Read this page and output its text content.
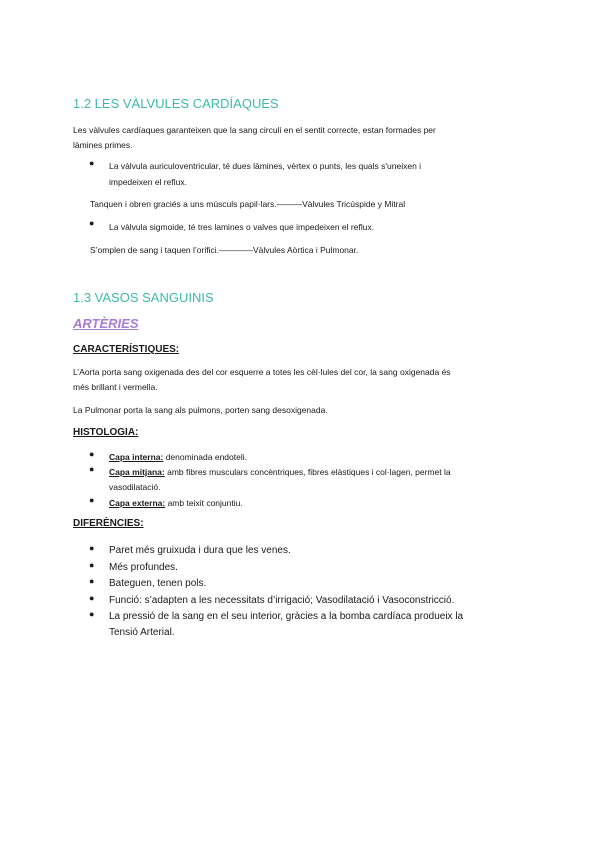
1.2 LES VÀLVULES CARDÍAQUES
Les vàlvules cardíaques garanteixen que la sang circuli en el sentit correcte, estan formades per
làmines primes.
● La vàlvula auriculoventricular, té dues làmines, vèrtex o punts, les quals s'uneixen i
impedeixen el reflux.
Tanquen i obren graciés a uns músculs papil·lars.———Vàlvules Tricúspide y Mitral
● La vàlvula sigmoide, té tres lamines o valves que impedeixen el reflux.
S’omplen de sang i taquen l’orifici.————Vàlvules Aòrtica i Pulmonar.
1.3 VASOS SANGUINIS
ARTÈRIES
CARACTERÍSTIQUES:
L’Aorta porta sang oxigenada des del cor esquerre a totes les cèl·lules del cor, la sang oxigenada és
més brillant i vermella.
La Pulmonar porta la sang als pulmons, porten sang desoxigenada.
HISTOLOGIA:
● Capa interna: denominada endoteli.
● Capa mitjana: amb fibres musculars concèntriques, fibres elàstiques i col·lagen, permet la
vasodilatació.
● Capa externa: amb teixit conjuntiu.
DIFERÈNCIES:
● Paret més gruixuda i dura que les venes.
● Més profundes.
● Bateguen, tenen pols.
● Funció: s’adapten a les necessitats d’irrigació; Vasodilatació i Vasoconstricció.
● La pressió de la sang en el seu interior, gràcies a la bomba cardíaca produeix la
Tensió Arterial.
